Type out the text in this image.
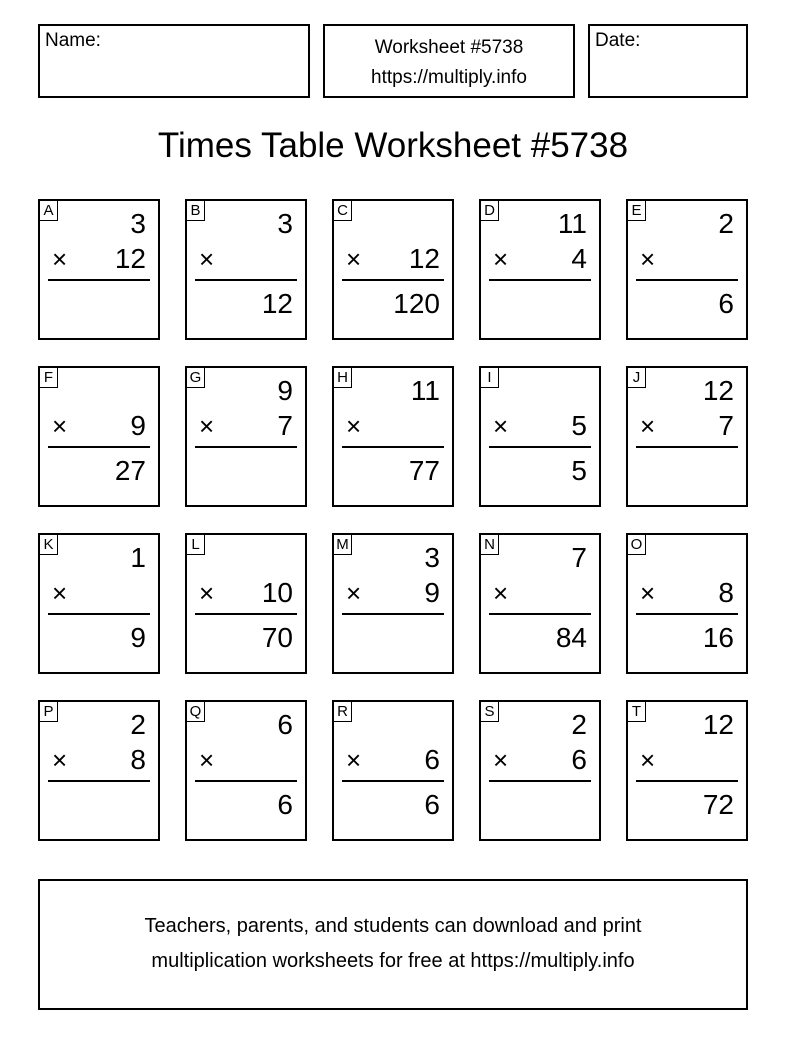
Name:	Worksheet #5738
https://multiply.info
Date:
Times Table Worksheet #5738
A	3
× 12
B	3
×
12
C
× 12
120
D 11
× 4
E	2
×
6
F
× 9
27
G	9
× 7
H 11
×
77
I
× 5
5
J 12
× 7
K	1
×
9
L
× 10
70
M	3
× 9
N	7
×
84
O
× 8
16
P	2
× 8
Q	6
×
6
R
× 6
6
S	2
× 6
T 12
×
72
Teachers, parents, and students can download and print
multiplication worksheets for free at https://multiply.info
